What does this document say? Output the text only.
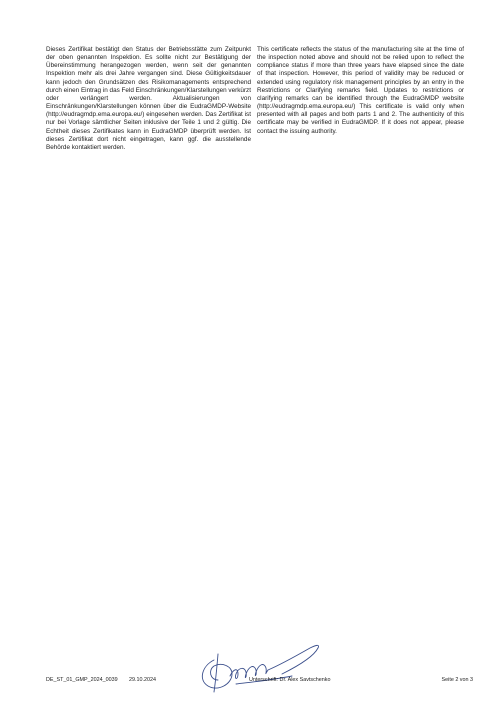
Dieses Zertifikat bestätigt den Status der Betriebsstätte zum Zeitpunkt der oben genannten Inspektion. Es sollte nicht zur Bestätigung der Übereinstimmung herangezogen werden, wenn seit der genannten Inspektion mehr als drei Jahre vergangen sind. Diese Gültigkeitsdauer kann jedoch den Grundsätzen des Risikomanagements entsprechend durch einen Eintrag in das Feld Einschränkungen/Klarstellungen verkürzt oder verlängert werden. Aktualisierungen von Einschränkungen/Klarstellungen können über die EudraGMDP-Website (http://eudragmdp.ema.europa.eu/) eingesehen werden. Das Zertifikat ist nur bei Vorlage sämtlicher Seiten inklusive der Teile 1 und 2 gültig. Die Echtheit dieses Zertifikates kann in EudraGMDP überprüft werden. Ist dieses Zertifikat dort nicht eingetragen, kann ggf. die ausstellende Behörde kontaktiert werden.
This certificate reflects the status of the manufacturing site at the time of the inspection noted above and should not be relied upon to reflect the compliance status if more than three years have elapsed since the date of that inspection. However, this period of validity may be reduced or extended using regulatory risk management principles by an entry in the Restrictions or Clarifying remarks field. Updates to restrictions or clarifying remarks can be identified through the EudraGMDP website (http://eudragmdp.ema.europa.eu/) This certificate is valid only when presented with all pages and both parts 1 and 2. The authenticity of this certificate may be verified in EudraGMDP. If it does not appear, please contact the issuing authority.
DE_ST_01_GMP_2024_0039 29.10.2024	Unterschrift: Dr. Alex Savtschenko	Seite 2 von 3
